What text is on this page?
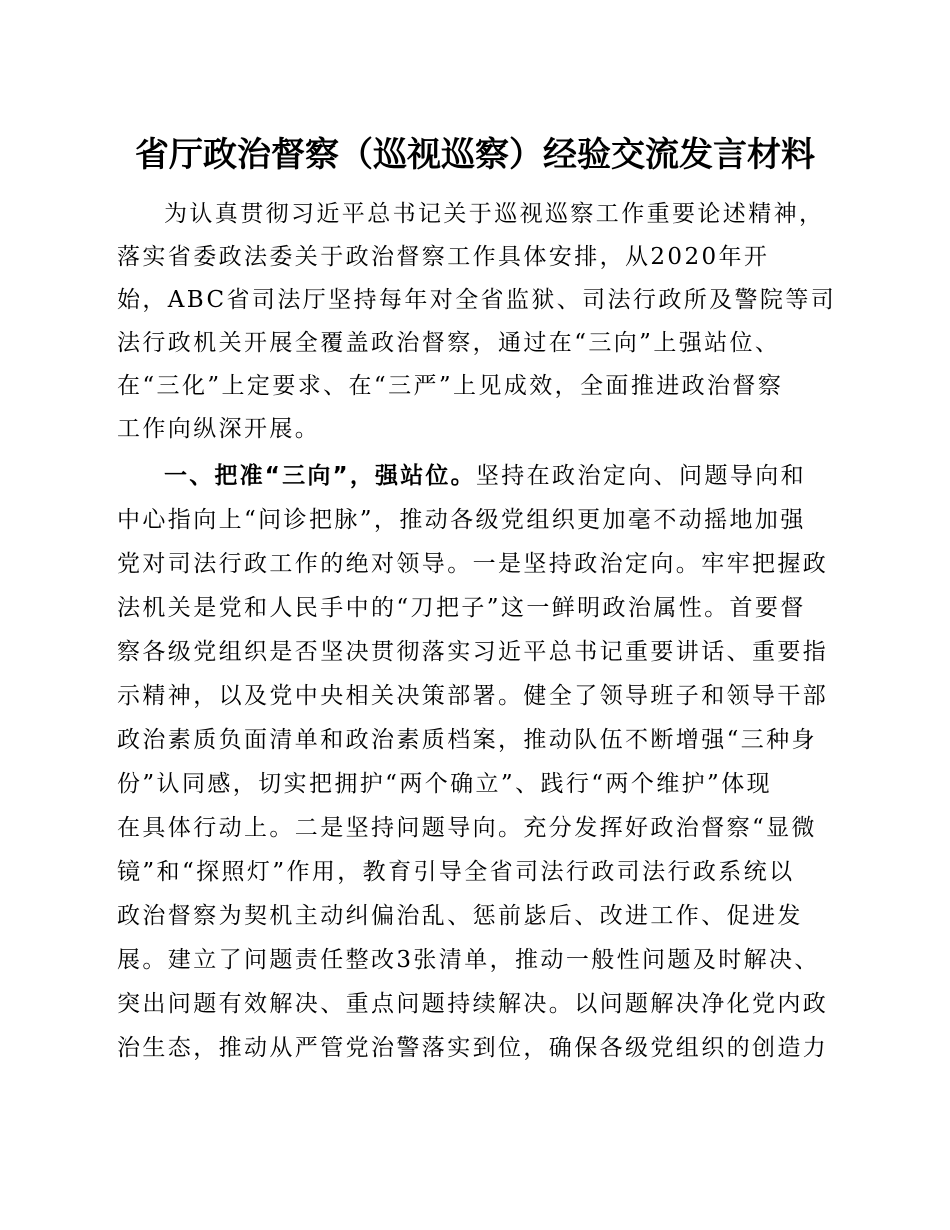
省厅政治督察（巡视巡察）经验交流发言材料
为认真贯彻习近平总书记关于巡视巡察工作重要论述精神，
落实省委政法委关于政治督察工作具体安排，从2020年开
始，ABC省司法厅坚持每年对全省监狱、司法行政所及警院等司
法行政机关开展全覆盖政治督察，通过在“三向”上强站位、
在“三化”上定要求、在“三严”上见成效，全面推进政治督察
工作向纵深开展。
一、把准“三向”，强站位。坚持在政治定向、问题导向和
中心指向上“问诊把脉”，推动各级党组织更加毫不动摇地加强
党对司法行政工作的绝对领导。一是坚持政治定向。牢牢把握政
法机关是党和人民手中的“刀把子”这一鲜明政治属性。首要督
察各级党组织是否坚决贯彻落实习近平总书记重要讲话、重要指
示精神，以及党中央相关决策部署。健全了领导班子和领导干部
政治素质负面清单和政治素质档案，推动队伍不断增强“三种身
份”认同感，切实把拥护“两个确立”、践行“两个维护”体现
在具体行动上。二是坚持问题导向。充分发挥好政治督察“显微
镜”和“探照灯”作用，教育引导全省司法行政司法行政系统以
政治督察为契机主动纠偏治乱、惩前毖后、改进工作、促进发
展。建立了问题责任整改3张清单，推动一般性问题及时解决、
突出问题有效解决、重点问题持续解决。以问题解决净化党内政
治生态，推动从严管党治警落实到位，确保各级党组织的创造力
